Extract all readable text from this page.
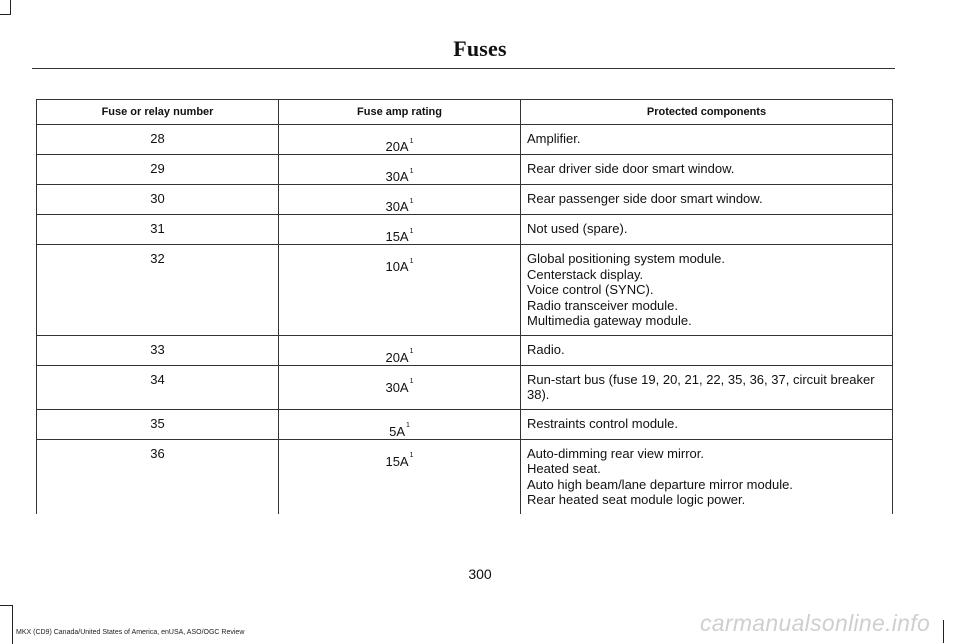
Fuses
Fuse or relay number	Fuse amp rating	Protected components
28	$20A^1$	Amplifier.

29	$30A^1$	Rear driver side door smart window.

30	$30A^1$	Rear passenger side door smart window.

31	$15A^1$	Not used (spare).

32	$10A^1$	Global positioning system module.
Centerstack display.
Voice control (SYNC).
Radio transceiver module.
Multimedia gateway module.

33	$20A^1$	Radio.

34	$30A^1$	Run-start bus (fuse 19, 20, 21, 22, 35, 36, 37, circuit breaker 38).

35	$5A^1$	Restraints control module.

36	$15A^1$	Auto-dimming rear view mirror.
Heated seat.
Auto high beam/lane departure mirror module.
Rear heated seat module logic power.
300
MKX (CD9) Canada/United States of America, enUSA, ASO/OGC Review	carmanualsonline.info
